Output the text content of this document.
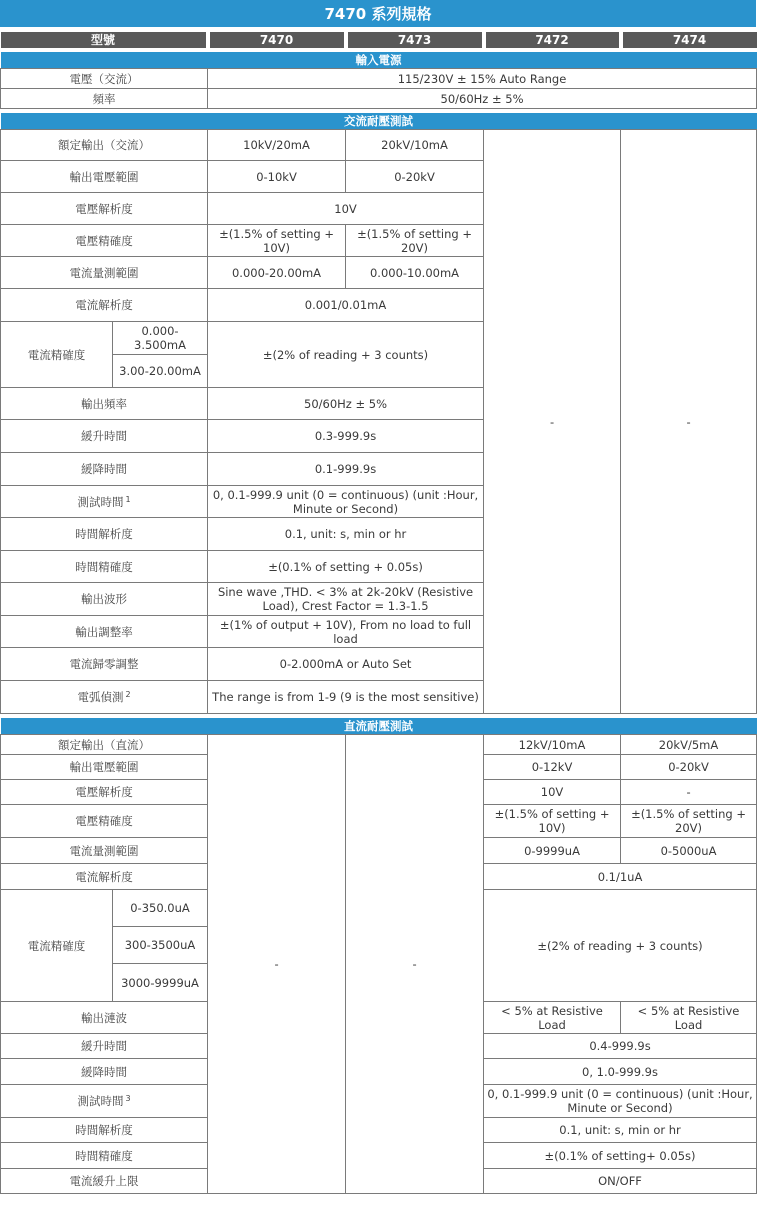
7470 系列規格
型號		7470	7473	7472	7474

輸入電源					
電壓（交流）		115/230V ± 15% Auto Range			
頻率		50/60Hz ± 5%			

交流耐壓測試					
額定輸出（交流）		10kV/20mA	20kV/10mA	-	-
輸出電壓範圍		0-10kV	0-20kV		
電壓解析度		10V			
電壓精確度		±(1.5% of setting + 10V)	±(1.5% of setting + 20V)		
電流量測範圍		0.000-20.00mA	0.000-10.00mA		
電流解析度		0.001/0.01mA			
電流精確度	0.000-3.500mA	±(2% of reading + 3 counts)			
	3.00-20.00mA				
輸出頻率		50/60Hz ± 5%			
緩升時間		0.3-999.9s			
緩降時間		0.1-999.9s			
測試時間 $^1$		0, 0.1-999.9 unit (0 = continuous) (unit :Hour, Minute or Second)			
時間解析度		0.1, unit: s, min or hr			
時間精確度		±(0.1% of setting + 0.05s)			
輸出波形		Sine wave ,THD. < 3% at 2k-20kV (Resistive Load), Crest Factor = 1.3-1.5			
輸出調整率		±(1% of output + 10V), From no load to full load			
電流歸零調整		0-2.000mA or Auto Set			
電弧偵測 $^2$		The range is from 1-9 (9 is the most sensitive)			

直流耐壓測試					
額定輸出（直流）		-	-	12kV/10mA	20kV/5mA
輸出電壓範圍				0-12kV	0-20kV
電壓解析度				10V	-
電壓精確度				±(1.5% of setting + 10V)	±(1.5% of setting + 20V)
電流量測範圍				0-9999uA	0-5000uA
電流解析度				0.1/1uA	
電流精確度	0-350.0uA			±(2% of reading + 3 counts)	
	300-3500uA				
	3000-9999uA				
輸出漣波				< 5% at Resistive Load	< 5% at Resistive Load
緩升時間				0.4-999.9s	
緩降時間				0, 1.0-999.9s	
測試時間 $^3$				0, 0.1-999.9 unit (0 = continuous) (unit :Hour, Minute or Second)	
時間解析度				0.1, unit: s, min or hr	
時間精確度				±(0.1% of setting+ 0.05s)	
電流緩升上限				ON/OFF	
